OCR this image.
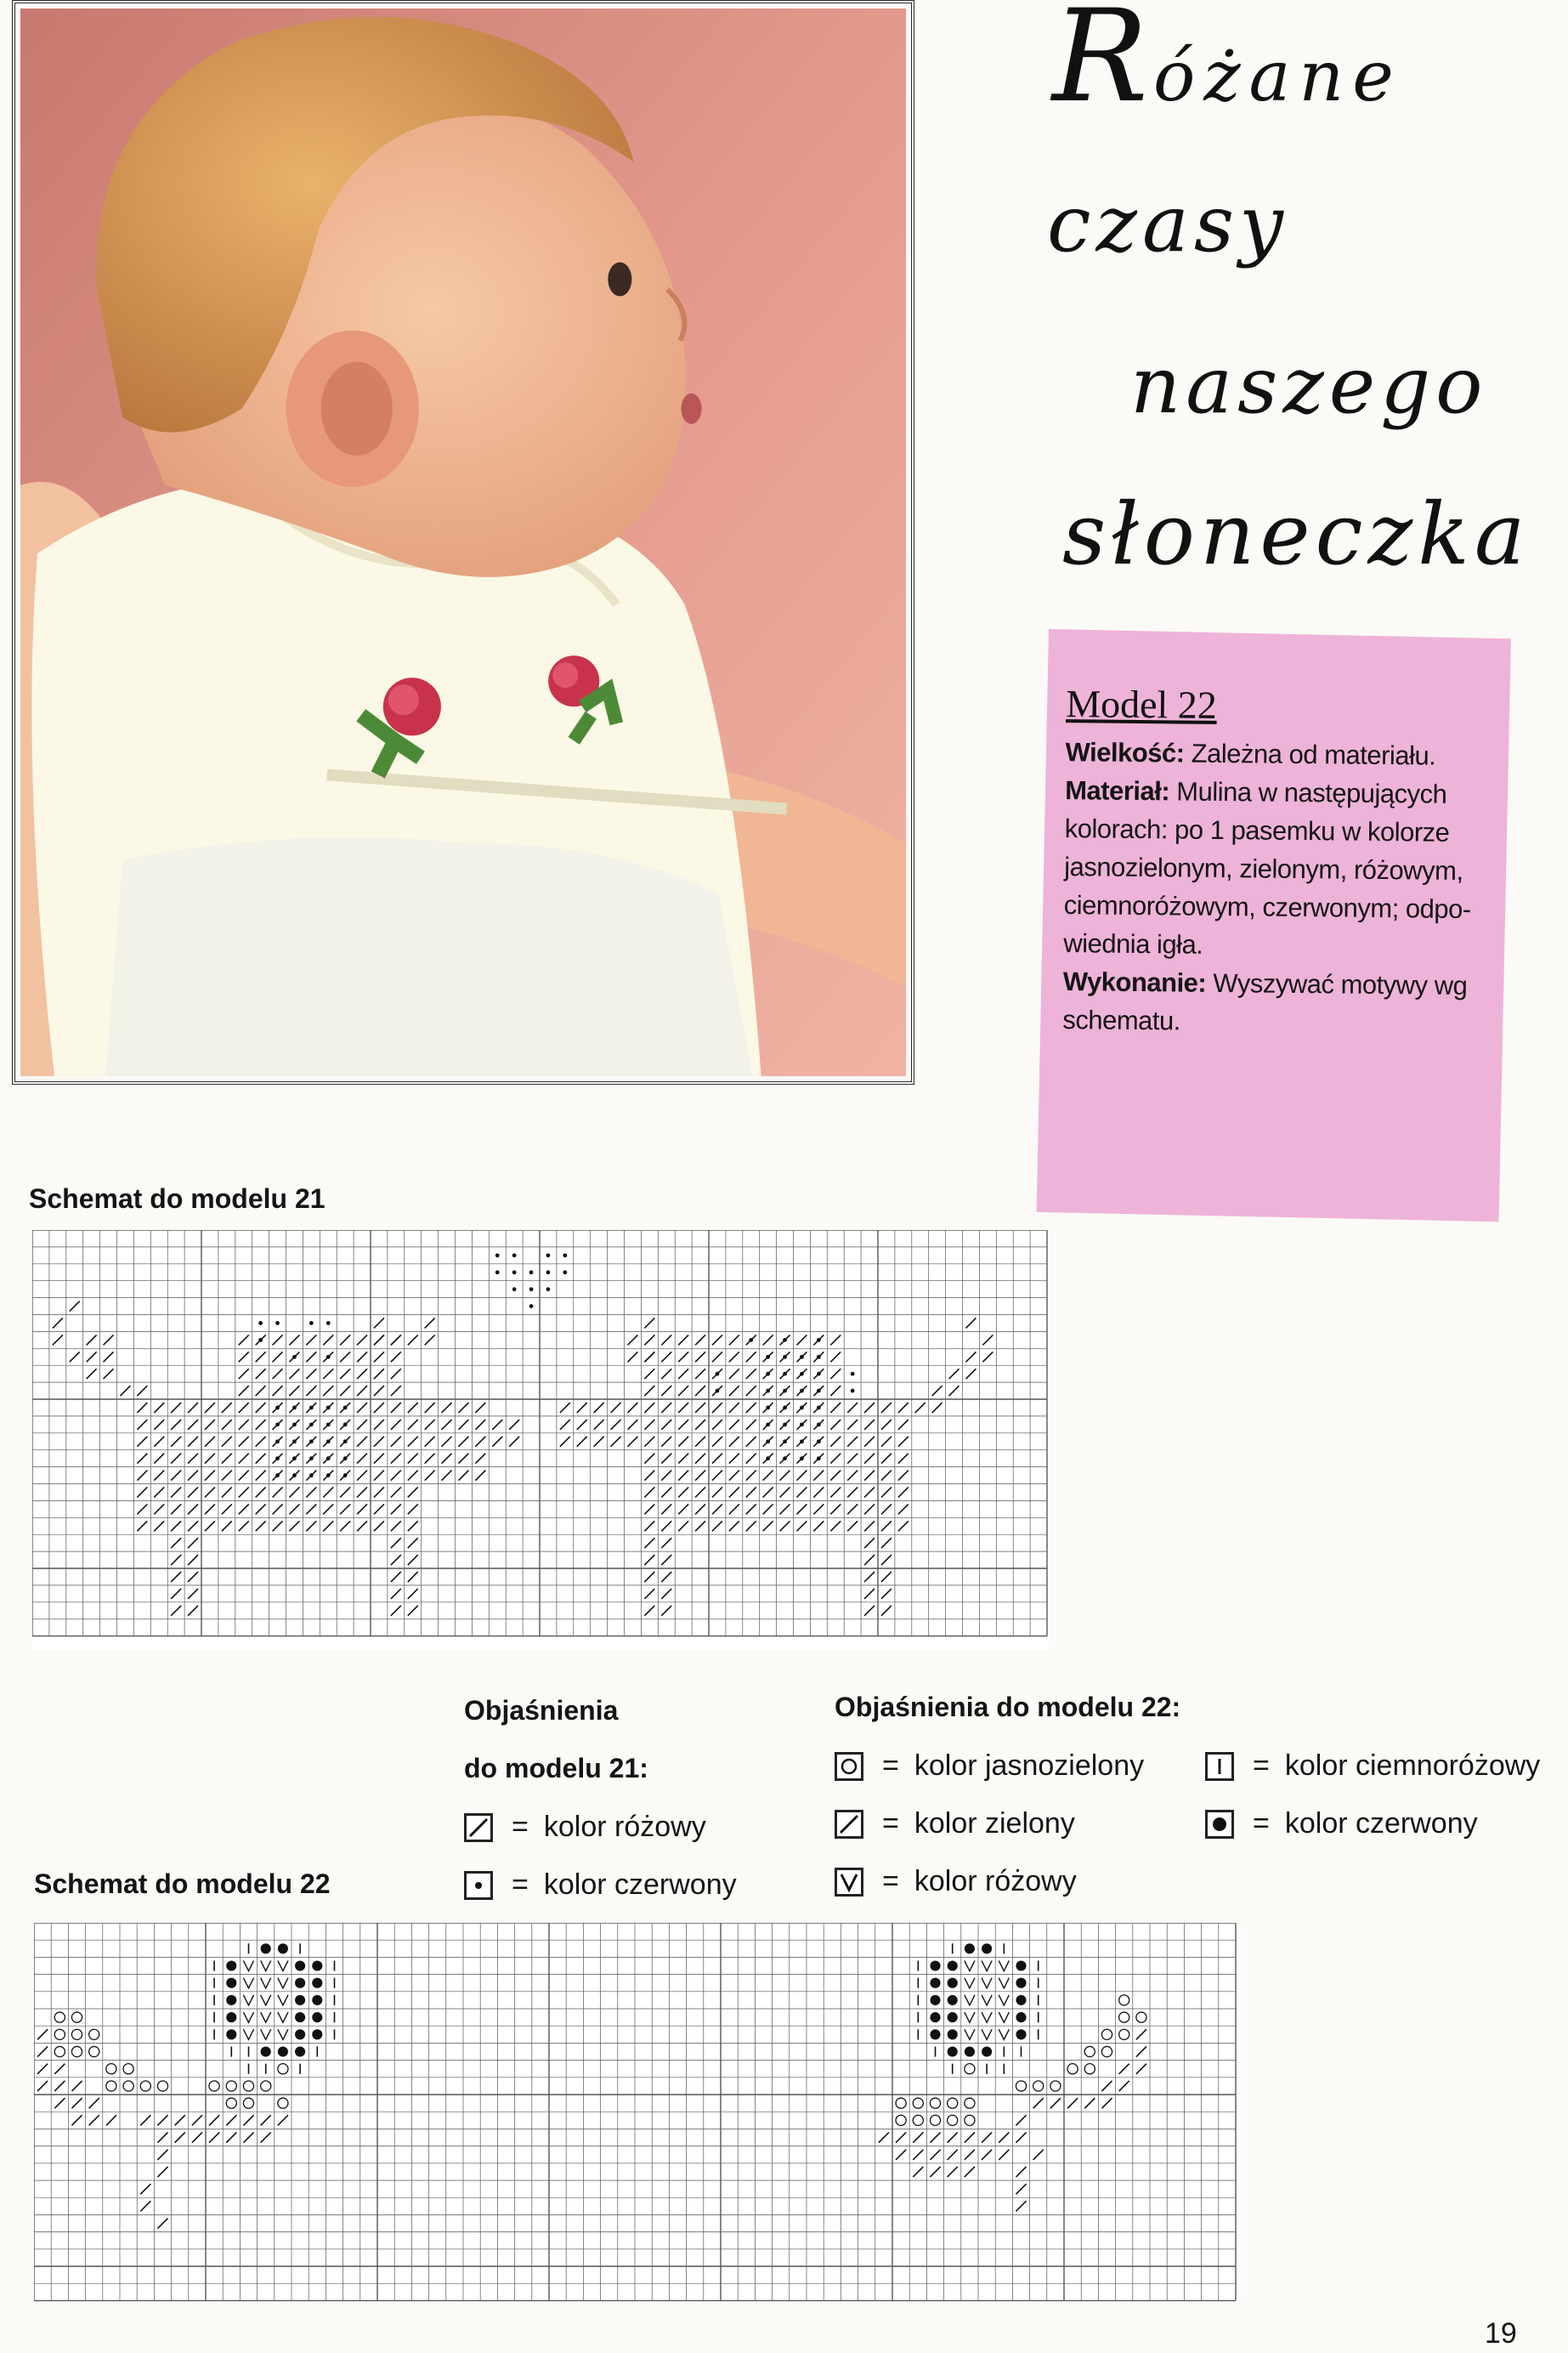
Różane
czasy
naszego
słoneczka
Model 22

Wielkość: Zależna od materiału.

Materiał: Mulina w następujących

kolorach: po 1 pasemku w kolorze

jasnozielonym, zielonym, różowym,

ciemnoróżowym, czerwonym; odpo-

wiednia igła.

Wykonanie: Wyszywać motywy wg

schematu.

Schemat do modelu 21
Objaśnienia
do modelu 21:
= kolor różowy
= kolor czerwony
Objaśnienia do modelu 22:
= kolor jasnozielony
= kolor zielony
= kolor różowy
= kolor ciemnoróżowy
= kolor czerwony
Schemat do modelu 22
19
